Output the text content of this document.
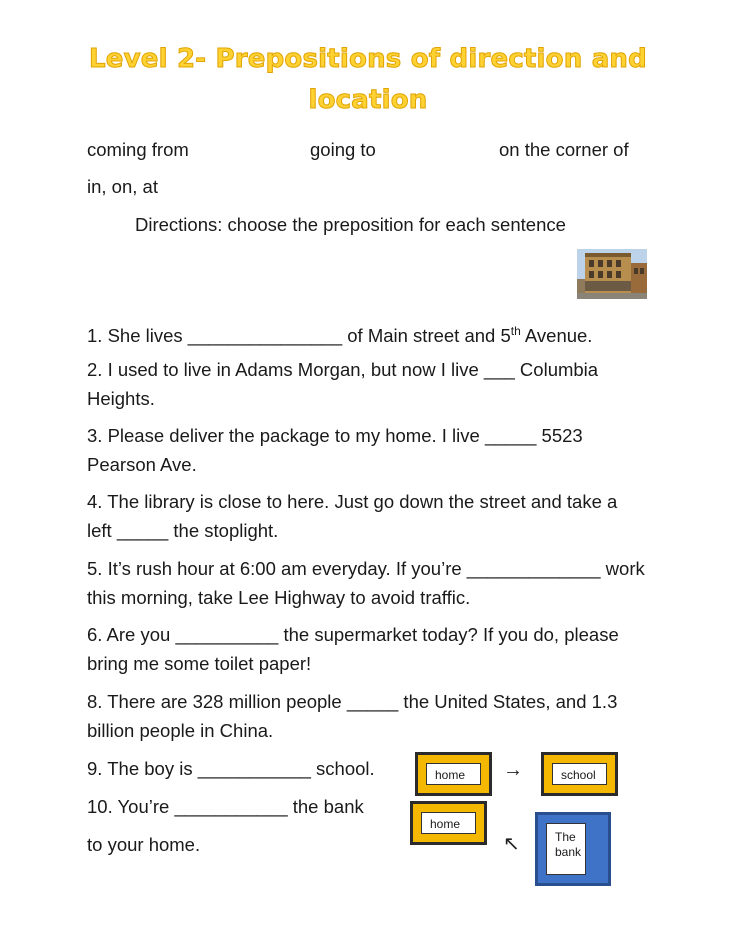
Level 2- Prepositions of direction and
location
coming from	going to	on the corner of
in, on, at
Directions: choose the preposition for each sentence
1. She lives _______________ of Main street and 5th Avenue.
2. I used to live in Adams Morgan, but now I live ___ Columbia Heights.
3. Please deliver the package to my home. I live _____ 5523 Pearson Ave.
4. The library is close to here. Just go down the street and take a left _____ the stoplight.
5. It’s rush hour at 6:00 am everyday. If you’re _____________ work this morning, take Lee Highway to avoid traffic.
6. Are you __________ the supermarket today? If you do, please bring me some toilet paper!
8. There are 328 million people _____ the United States, and 1.3 billion people in China.
9. The boy is ___________ school.
10. You’re ___________ the bank
to your home.
home	→	school
home
↖	The bank
